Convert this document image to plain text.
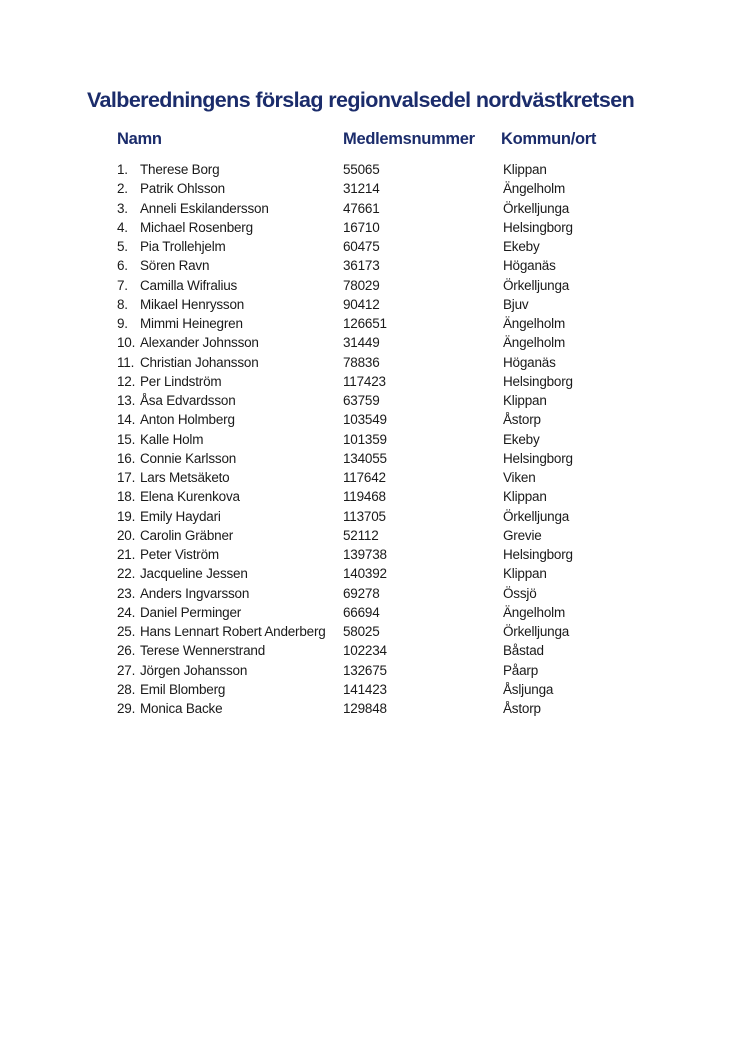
Valberedningens förslag regionvalsedel nordvästkretsen
Namn	Medlemsnummer Kommun/ort
1. Therese Borg	55065	Klippan
2. Patrik Ohlsson	31214	Ängelholm
3. Anneli Eskilandersson	47661	Örkelljunga
4. Michael Rosenberg	16710	Helsingborg
5. Pia Trollehjelm	60475	Ekeby
6. Sören Ravn	36173	Höganäs
7. Camilla Wifralius	78029	Örkelljunga
8. Mikael Henrysson	90412	Bjuv
9. Mimmi Heinegren	126651	Ängelholm
10. Alexander Johnsson	31449	Ängelholm
11. Christian Johansson	78836	Höganäs
12. Per Lindström	117423	Helsingborg
13. Åsa Edvardsson	63759	Klippan
14. Anton Holmberg	103549	Åstorp
15. Kalle Holm	101359	Ekeby
16. Connie Karlsson	134055	Helsingborg
17. Lars Metsäketo	117642	Viken
18. Elena Kurenkova	119468	Klippan
19. Emily Haydari	113705	Örkelljunga
20. Carolin Gräbner	52112	Grevie
21. Peter Viström	139738	Helsingborg
22. Jacqueline Jessen	140392	Klippan
23. Anders Ingvarsson	69278	Össjö
24. Daniel Perminger	66694	Ängelholm
25. Hans Lennart Robert Anderberg 58025	Örkelljunga
26. Terese Wennerstrand	102234	Båstad
27. Jörgen Johansson	132675	Påarp
28. Emil Blomberg	141423	Åsljunga
29. Monica Backe	129848	Åstorp
